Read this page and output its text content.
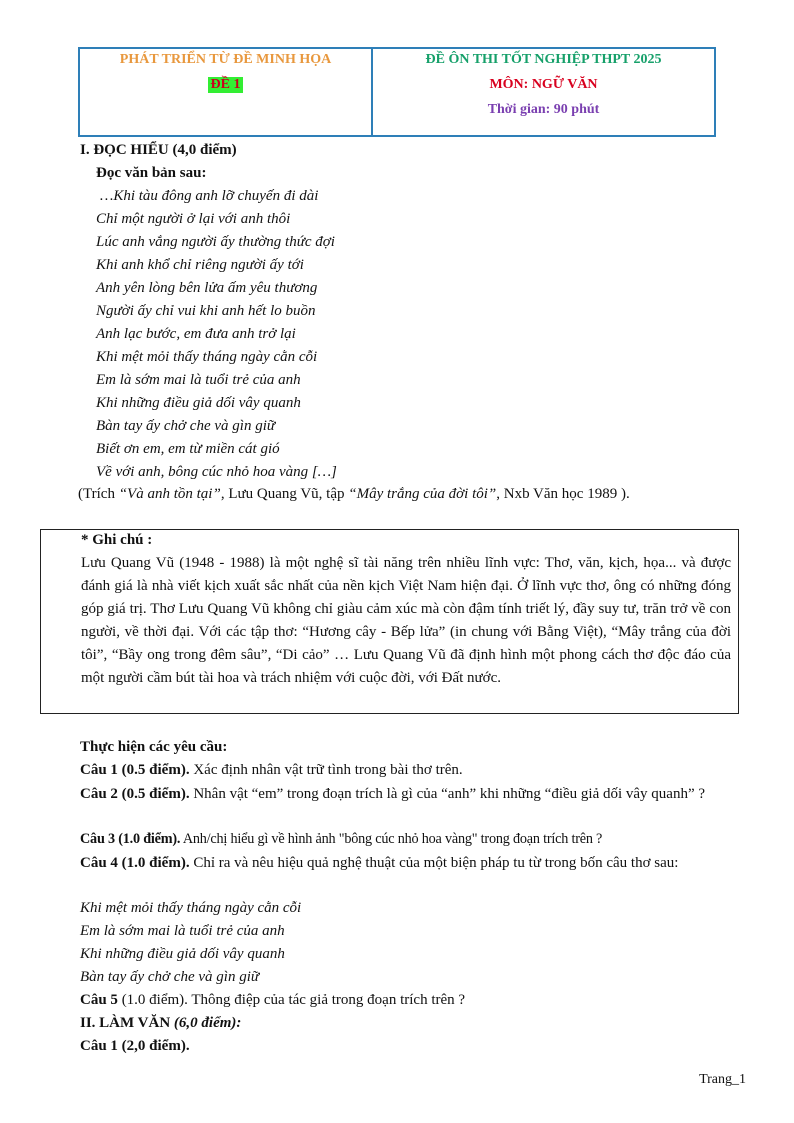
PHÁT TRIỂN TỪ ĐỀ MINH HỌA
ĐỀ 1
ĐỀ ÔN THI TỐT NGHIỆP THPT 2025
MÔN: NGỮ VĂN
Thời gian: 90 phút
I. ĐỌC HIỂU (4,0 điểm)
Đọc văn bản sau:
…Khi tàu đông anh lỡ chuyến đi dài
Chỉ một người ở lại với anh thôi
Lúc anh vắng người ấy thường thức đợi
Khi anh khổ chỉ riêng người ấy tới
Anh yên lòng bên lửa ấm yêu thương
Người ấy chỉ vui khi anh hết lo buồn
Anh lạc bước, em đưa anh trở lại
Khi mệt mỏi thấy tháng ngày cằn cỗi
Em là sớm mai là tuổi trẻ của anh
Khi những điều giả dối vây quanh
Bàn tay ấy chở che và gìn giữ
Biết ơn em, em từ miền cát gió
Về với anh, bông cúc nhỏ hoa vàng […]
(Trích “Và anh tồn tại”, Lưu Quang Vũ, tập “Mây trắng của đời tôi”, Nxb Văn học 1989 ).
* Ghi chú :
Lưu Quang Vũ (1948 - 1988) là một nghệ sĩ tài năng trên nhiều lĩnh vực: Thơ, văn, kịch, họa... và được đánh giá là nhà viết kịch xuất sắc nhất của nền kịch Việt Nam hiện đại. Ở lĩnh vực thơ, ông có những đóng góp giá trị. Thơ Lưu Quang Vũ không chỉ giàu cảm xúc mà còn đậm tính triết lý, đầy suy tư, trăn trở về con người, về thời đại. Với các tập thơ: “Hương cây - Bếp lửa” (in chung với Bằng Việt), “Mây trắng của đời tôi”, “Bầy ong trong đêm sâu”, “Di cảo” … Lưu Quang Vũ đã định hình một phong cách thơ độc đáo của một người cầm bút tài hoa và trách nhiệm với cuộc đời, với Đất nước.
Thực hiện các yêu cầu:
Câu 1 (0.5 điểm). Xác định nhân vật trữ tình trong bài thơ trên.
Câu 2 (0.5 điểm). Nhân vật “em” trong đoạn trích là gì của “anh” khi những “điều giả dối vây quanh” ?
Câu 3 (1.0 điểm). Anh/chị hiểu gì về hình ảnh "bông cúc nhỏ hoa vàng" trong đoạn trích trên ?
Câu 4 (1.0 điểm). Chỉ ra và nêu hiệu quả nghệ thuật của một biện pháp tu từ trong bốn câu thơ sau:
Khi mệt mỏi thấy tháng ngày cằn cỗi
Em là sớm mai là tuổi trẻ của anh
Khi những điều giả dối vây quanh
Bàn tay ấy chở che và gìn giữ
Câu 5 (1.0 điểm). Thông điệp của tác giả trong đoạn trích trên ?
II. LÀM VĂN (6,0 điểm):
Câu 1 (2,0 điểm).
Trang_1
